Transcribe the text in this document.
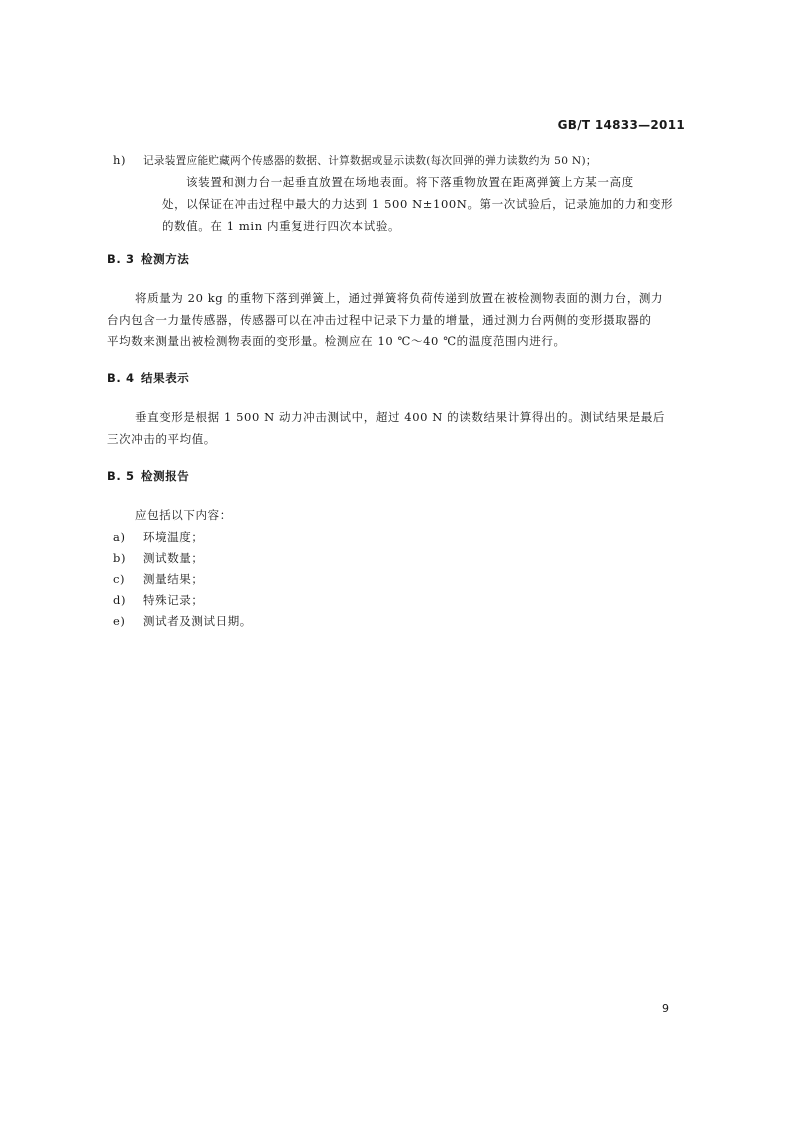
GB/T 14833—2011
h) 记录装置应能贮藏两个传感器的数据、计算数据或显示读数(每次回弹的弹力读数约为 50 N)；
该装置和测力台一起垂直放置在场地表面。将下落重物放置在距离弹簧上方某一高度
处，以保证在冲击过程中最大的力达到 1 500 N±100N。第一次试验后，记录施加的力和变形
的数值。在 1 min 内重复进行四次本试验。
B. 3 检测方法
将质量为 20 kg 的重物下落到弹簧上，通过弹簧将负荷传递到放置在被检测物表面的测力台，测力
台内包含一力量传感器，传感器可以在冲击过程中记录下力量的增量，通过测力台两侧的变形摄取器的
平均数来测量出被检测物表面的变形量。检测应在 10 ℃～40 ℃的温度范围内进行。
B. 4 结果表示
垂直变形是根据 1 500 N 动力冲击测试中，超过 400 N 的读数结果计算得出的。测试结果是最后
三次冲击的平均值。
B. 5 检测报告
应包括以下内容：
a) 环境温度；
b) 测试数量；
c) 测量结果；
d) 特殊记录；
e) 测试者及测试日期。
9
